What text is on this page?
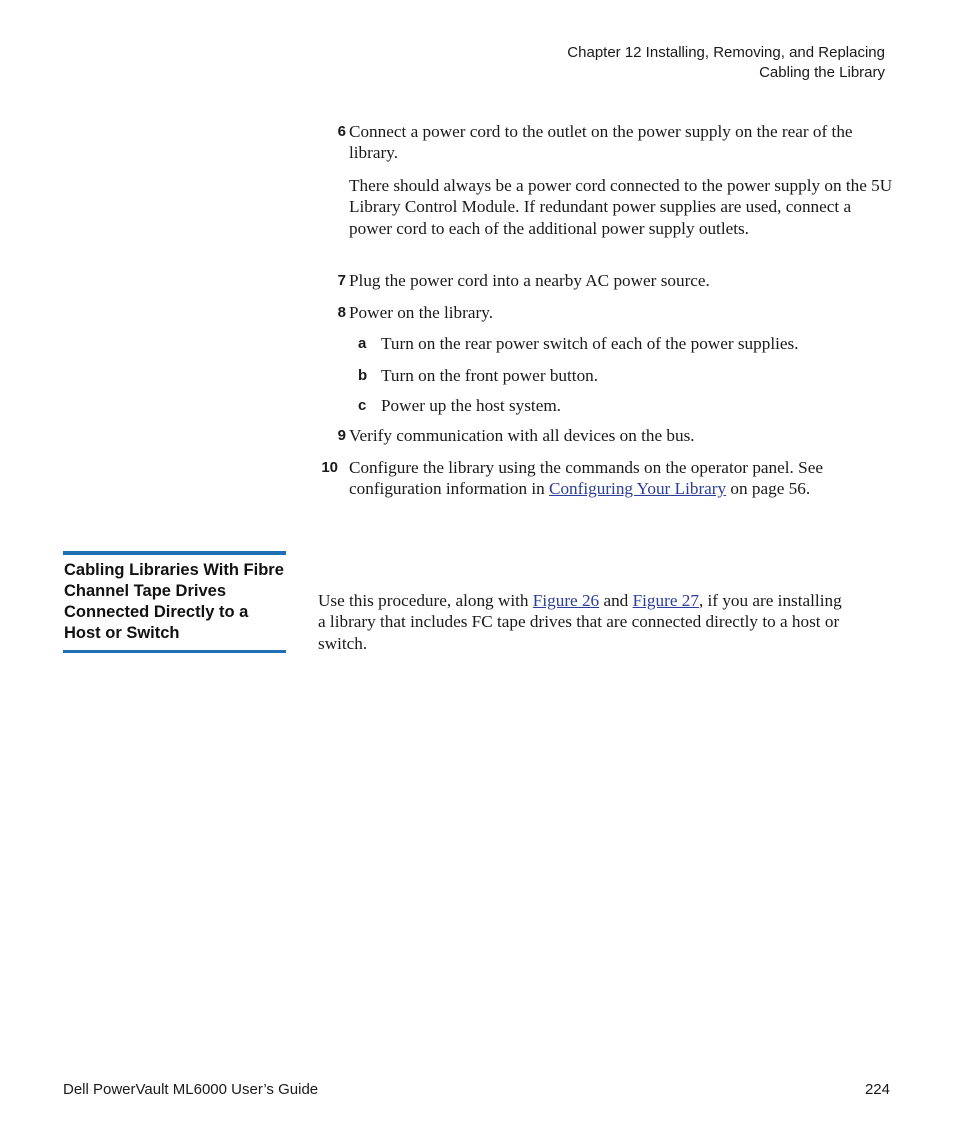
Chapter 12 Installing, Removing, and Replacing
Cabling the Library
6 Connect a power cord to the outlet on the power supply on the rear of the library.
There should always be a power cord connected to the power supply on the 5U Library Control Module. If redundant power supplies are used, connect a power cord to each of the additional power supply outlets.
7 Plug the power cord into a nearby AC power source.
8 Power on the library.
a Turn on the rear power switch of each of the power supplies.
b Turn on the front power button.
c Power up the host system.
9 Verify communication with all devices on the bus.
10 Configure the library using the commands on the operator panel. See configuration information in Configuring Your Library on page 56.
Cabling Libraries With Fibre Channel Tape Drives Connected Directly to a Host or Switch
Use this procedure, along with Figure 26 and Figure 27, if you are installing a library that includes FC tape drives that are connected directly to a host or switch.
Dell PowerVault ML6000 User’s Guide	224
